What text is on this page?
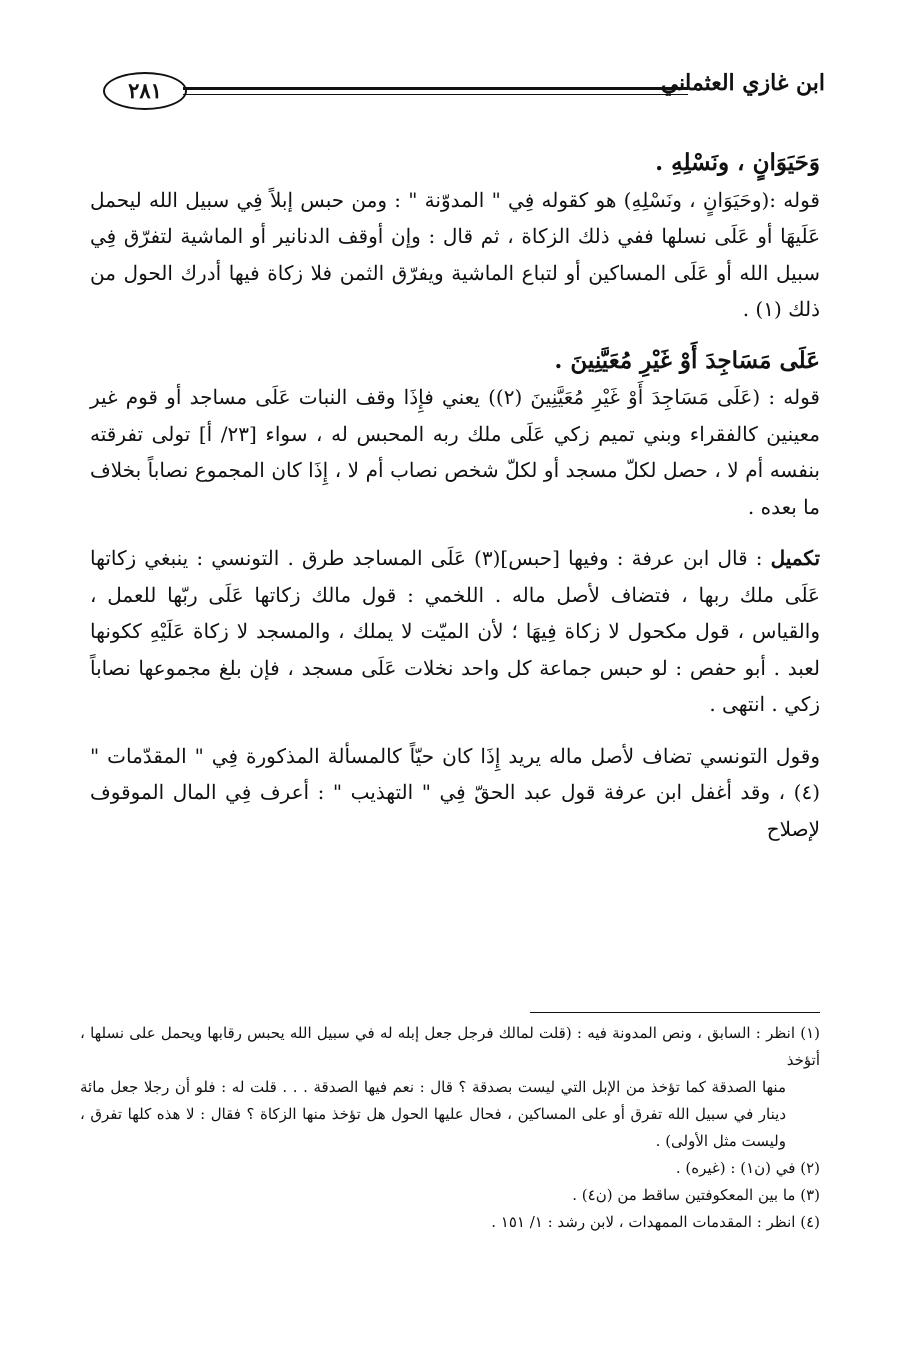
٢٨١	ابن غازي العثماني

وَحَيَوَانٍ ، ونَسْلِهِ .

قوله :(وحَيَوَانٍ ، ونَسْلِهِ) هو كقوله فِي " المدوّنة " : ومن حبس إبلاً فِي سبيل الله ليحمل عَلَيهَا أو عَلَى نسلها ففي ذلك الزكاة ، ثم قال : وإن أوقف الدنانير أو الماشية لتفرّق فِي سبيل الله أو عَلَى المساكين أو لتباع الماشية ويفرّق الثمن فلا زكاة فيها أدرك الحول من ذلك (١) .

عَلَى مَسَاجِدَ أَوْ غَيْرِ مُعَيَّنِينَ .

قوله : (عَلَى مَسَاجِدَ أَوْ غَيْرِ مُعَيَّنِينَ (٢)) يعني فإِذَا وقف النبات عَلَى مساجد أو قوم غير معينين كالفقراء وبني تميم زكي عَلَى ملك ربه المحبس له ، سواء [٢٣/ أ] تولى تفرقته بنفسه أم لا ، حصل لكلّ مسجد أو لكلّ شخص نصاب أم لا ، إِذَا كان المجموع نصاباً بخلاف ما بعده .

تكميل : قال ابن عرفة : وفيها [حبس](٣) عَلَى المساجد طرق . التونسي : ينبغي زكاتها عَلَى ملك ربها ، فتضاف لأصل ماله . اللخمي : قول مالك زكاتها عَلَى ربّها للعمل ، والقياس ، قول مكحول لا زكاة فِيهَا ؛ لأن الميّت لا يملك ، والمسجد لا زكاة عَلَيْهِ ككونها لعبد . أبو حفص : لو حبس جماعة كل واحد نخلات عَلَى مسجد ، فإن بلغ مجموعها نصاباً زكي . انتهى .

وقول التونسي تضاف لأصل ماله يريد إِذَا كان حيّاً كالمسألة المذكورة فِي " المقدّمات " (٤) ، وقد أغفل ابن عرفة قول عبد الحقّ فِي " التهذيب " : أعرف فِي المال الموقوف لإصلاح

(١) انظر : السابق ، ونص المدونة فيه : (قلت لمالك فرجل جعل إبله له في سبيل الله يحبس رقابها ويحمل على نسلها ، أتؤخذ

منها الصدقة كما تؤخذ من الإبل التي ليست بصدقة ؟ قال : نعم فيها الصدقة . . . قلت له : فلو أن رجلا جعل مائة دينار في سبيل الله تفرق أو على المساكين ، فحال عليها الحول هل تؤخذ منها الزكاة ؟ فقال : لا هذه كلها تفرق ، وليست مثل الأولى) .

(٢) في (ن١) : (غيره) .

(٣) ما بين المعكوفتين ساقط من (ن٤) .

(٤) انظر : المقدمات الممهدات ، لابن رشد : ١/ ١٥١ .
